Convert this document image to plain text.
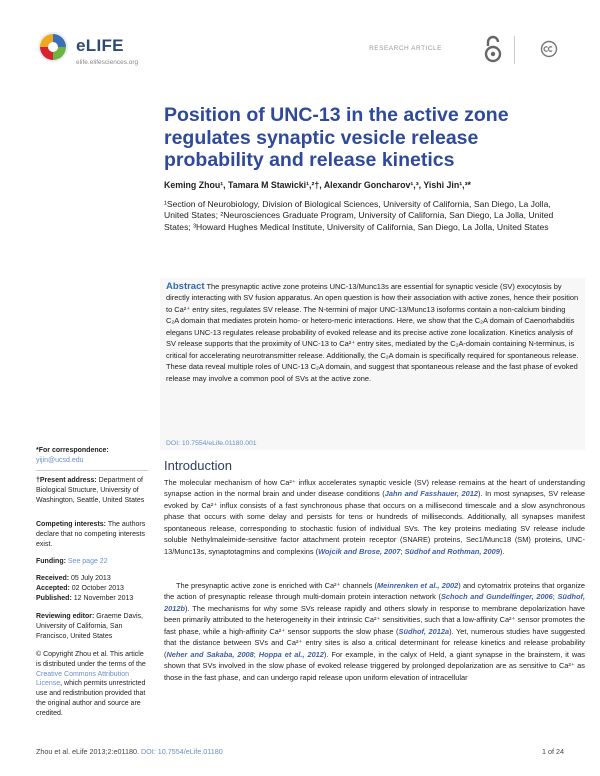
eLIFE
elife.elifesciences.org
RESEARCH ARTICLE
Position of UNC-13 in the active zone regulates synaptic vesicle release probability and release kinetics
Keming Zhou¹, Tamara M Stawicki¹,²†, Alexandr Goncharov¹,³, Yishi Jin¹,³*
¹Section of Neurobiology, Division of Biological Sciences, University of California, San Diego, La Jolla, United States; ²Neurosciences Graduate Program, University of California, San Diego, La Jolla, United States; ³Howard Hughes Medical Institute, University of California, San Diego, La Jolla, United States
Abstract The presynaptic active zone proteins UNC-13/Munc13s are essential for synaptic vesicle (SV) exocytosis by directly interacting with SV fusion apparatus. An open question is how their association with active zones, hence their position to Ca²⁺ entry sites, regulates SV release. The N-termini of major UNC-13/Munc13 isoforms contain a non-calcium binding C₂A domain that mediates protein homo- or hetero-meric interactions. Here, we show that the C₂A domain of Caenorhabditis elegans UNC-13 regulates release probability of evoked release and its precise active zone localization. Kinetics analysis of SV release supports that the proximity of UNC-13 to Ca²⁺ entry sites, mediated by the C₂A-domain containing N-terminus, is critical for accelerating neurotransmitter release. Additionally, the C₂A domain is specifically required for spontaneous release. These data reveal multiple roles of UNC-13 C₂A domain, and suggest that spontaneous release and the fast phase of evoked release may involve a common pool of SVs at the active zone.
DOI: 10.7554/eLife.01180.001
*For correspondence: yijin@ucsd.edu
†Present address: Department of Biological Structure, University of Washington, Seattle, United States
Competing interests: The authors declare that no competing interests exist.
Funding: See page 22
Received: 05 July 2013
Accepted: 02 October 2013
Published: 12 November 2013
Reviewing editor: Graeme Davis, University of California, San Francisco, United States
© Copyright Zhou et al. This article is distributed under the terms of the Creative Commons Attribution License, which permits unrestricted use and redistribution provided that the original author and source are credited.
Introduction
The molecular mechanism of how Ca²⁺ influx accelerates synaptic vesicle (SV) release remains at the heart of understanding synapse action in the normal brain and under disease conditions (Jahn and Fasshauer, 2012). In most synapses, SV release evoked by Ca²⁺ influx consists of a fast synchronous phase that occurs on a millisecond timescale and a slow asynchronous phase that occurs with some delay and persists for tens or hundreds of milliseconds. Additionally, all synapses manifest spontaneous release, corresponding to stochastic fusion of individual SVs. The key proteins mediating SV release include soluble Nethylmaleimide-sensitive factor attachment protein receptor (SNARE) proteins, Sec1/Munc18 (SM) proteins, UNC-13/Munc13s, synaptotagmins and complexins (Wojcik and Brose, 2007; Südhof and Rothman, 2009).
The presynaptic active zone is enriched with Ca²⁺ channels (Meinrenken et al., 2002) and cytomatrix proteins that organize the action of presynaptic release through multi-domain protein interaction network (Schoch and Gundelfinger, 2006; Südhof, 2012b). The mechanisms for why some SVs release rapidly and others slowly in response to membrane depolarization have been primarily attributed to the heterogeneity in their intrinsic Ca²⁺ sensitivities, such that a low-affinity Ca²⁺ sensor promotes the fast phase, while a high-affinity Ca²⁺ sensor supports the slow phase (Südhof, 2012a). Yet, numerous studies have suggested that the distance between SVs and Ca²⁺ entry sites is also a critical determinant for release kinetics and release probability (Neher and Sakaba, 2008; Hoppa et al., 2012). For example, in the calyx of Held, a giant synapse in the brainstem, it was shown that SVs involved in the slow phase of evoked release triggered by prolonged depolarization are as sensitive to Ca²⁺ as those in the fast phase, and can undergo rapid release upon uniform elevation of intracellular
Zhou et al. eLife 2013;2:e01180. DOI: 10.7554/eLife.01180	1 of 24
